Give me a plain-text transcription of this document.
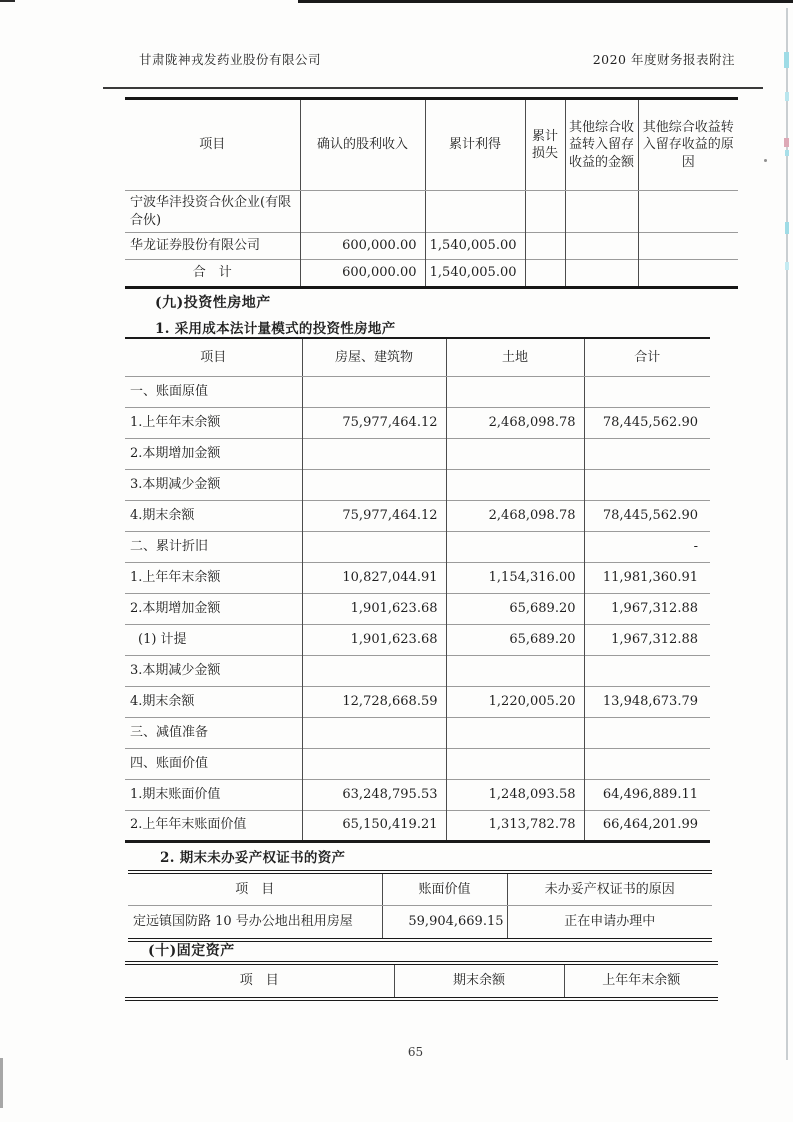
甘肃陇神戎发药业股份有限公司	2020 年度财务报表附注
项目	确认的股利收入	累计利得	累计损失	其他综合收益转入留存收益的金额	其他综合收益转入留存收益的原因
宁波华沣投资合伙企业(有限合伙)					
华龙证券股份有限公司	600,000.00	1,540,005.00			
合　计	600,000.00	1,540,005.00			
(九)投资性房地产
1. 采用成本法计量模式的投资性房地产
项目	房屋、建筑物	土地	合计
一、账面原值			
1.上年年末余额	75,977,464.12	2,468,098.78	78,445,562.90
2.本期增加金额			
3.本期减少金额			
4.期末余额	75,977,464.12	2,468,098.78	78,445,562.90
二、累计折旧			-
1.上年年末余额	10,827,044.91	1,154,316.00	11,981,360.91
2.本期增加金额	1,901,623.68	65,689.20	1,967,312.88
(1) 计提	1,901,623.68	65,689.20	1,967,312.88
3.本期减少金额			
4.期末余额	12,728,668.59	1,220,005.20	13,948,673.79
三、减值准备			
四、账面价值			
1.期末账面价值	63,248,795.53	1,248,093.58	64,496,889.11
2.上年年末账面价值	65,150,419.21	1,313,782.78	66,464,201.99
2. 期末未办妥产权证书的资产
项　目	账面价值	未办妥产权证书的原因
定远镇国防路 10 号办公地出租用房屋	59,904,669.15	正在申请办理中
(十)固定资产
项　目	期末余额	上年年末余额
65
